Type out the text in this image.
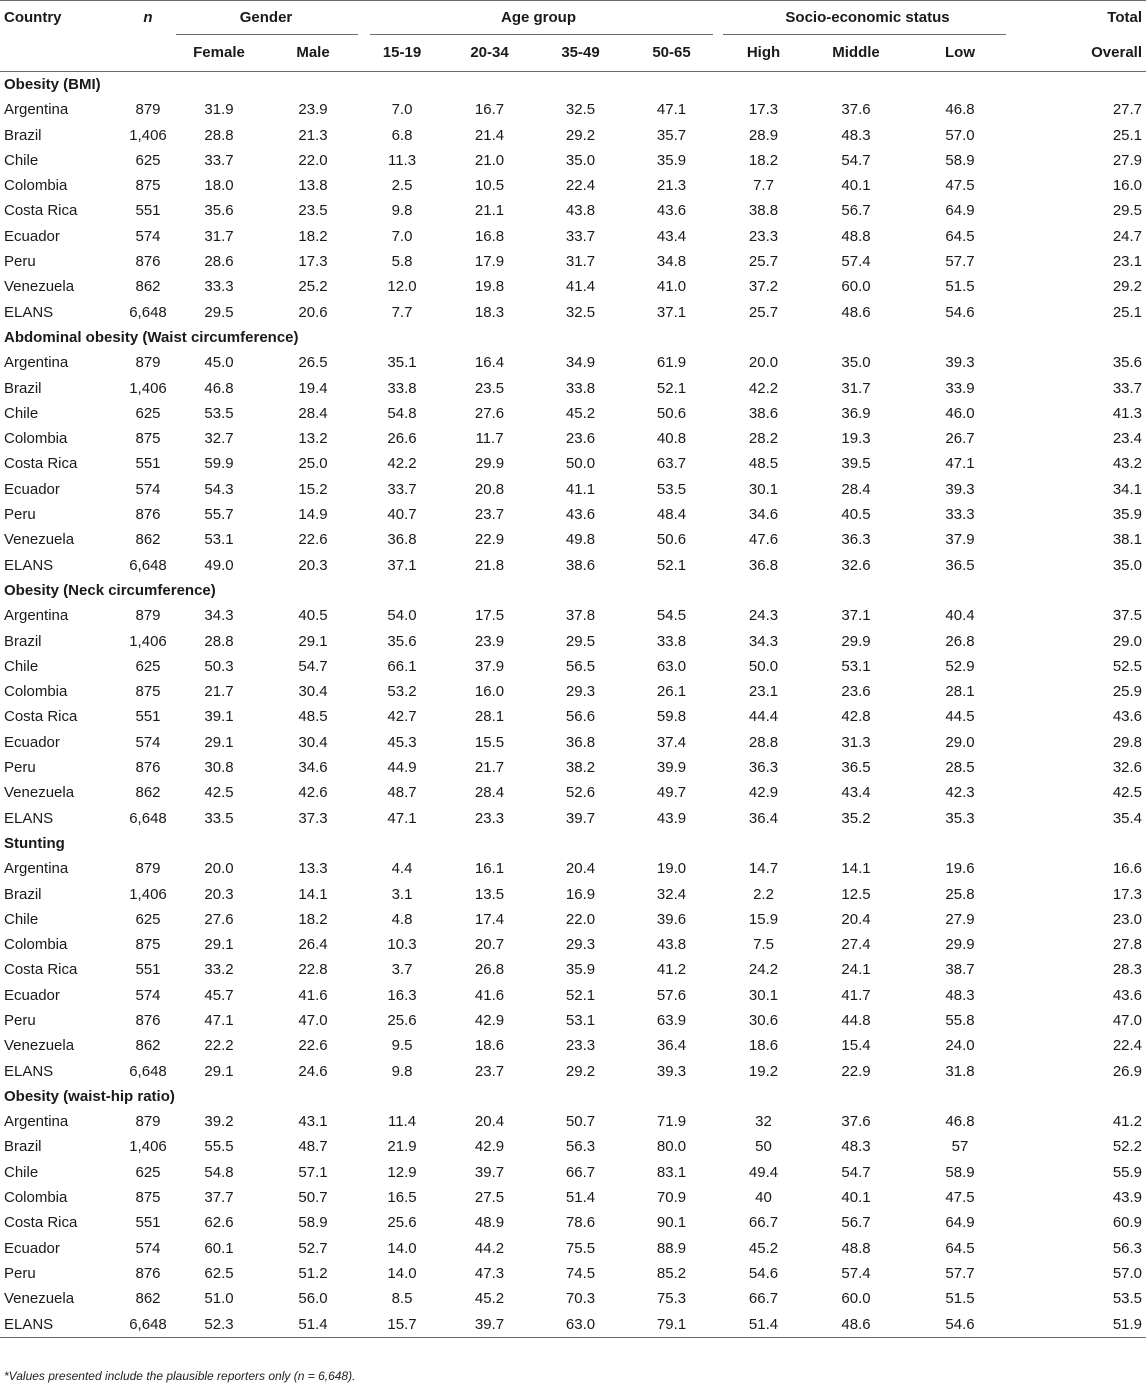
Country	n	Gender		Age group				Socio-economic status			Total
		Female	Male	15-19	20-34	35-49	50-65	High	Middle	Low	Overall
Obesity (BMI)											
Argentina	879	31.9	23.9	7.0	16.7	32.5	47.1	17.3	37.6	46.8	27.7
Brazil	1,406	28.8	21.3	6.8	21.4	29.2	35.7	28.9	48.3	57.0	25.1
Chile	625	33.7	22.0	11.3	21.0	35.0	35.9	18.2	54.7	58.9	27.9
Colombia	875	18.0	13.8	2.5	10.5	22.4	21.3	7.7	40.1	47.5	16.0
Costa Rica	551	35.6	23.5	9.8	21.1	43.8	43.6	38.8	56.7	64.9	29.5
Ecuador	574	31.7	18.2	7.0	16.8	33.7	43.4	23.3	48.8	64.5	24.7
Peru	876	28.6	17.3	5.8	17.9	31.7	34.8	25.7	57.4	57.7	23.1
Venezuela	862	33.3	25.2	12.0	19.8	41.4	41.0	37.2	60.0	51.5	29.2
ELANS	6,648	29.5	20.6	7.7	18.3	32.5	37.1	25.7	48.6	54.6	25.1
Abdominal obesity (Waist circumference)											
Argentina	879	45.0	26.5	35.1	16.4	34.9	61.9	20.0	35.0	39.3	35.6
Brazil	1,406	46.8	19.4	33.8	23.5	33.8	52.1	42.2	31.7	33.9	33.7
Chile	625	53.5	28.4	54.8	27.6	45.2	50.6	38.6	36.9	46.0	41.3
Colombia	875	32.7	13.2	26.6	11.7	23.6	40.8	28.2	19.3	26.7	23.4
Costa Rica	551	59.9	25.0	42.2	29.9	50.0	63.7	48.5	39.5	47.1	43.2
Ecuador	574	54.3	15.2	33.7	20.8	41.1	53.5	30.1	28.4	39.3	34.1
Peru	876	55.7	14.9	40.7	23.7	43.6	48.4	34.6	40.5	33.3	35.9
Venezuela	862	53.1	22.6	36.8	22.9	49.8	50.6	47.6	36.3	37.9	38.1
ELANS	6,648	49.0	20.3	37.1	21.8	38.6	52.1	36.8	32.6	36.5	35.0
Obesity (Neck circumference)											
Argentina	879	34.3	40.5	54.0	17.5	37.8	54.5	24.3	37.1	40.4	37.5
Brazil	1,406	28.8	29.1	35.6	23.9	29.5	33.8	34.3	29.9	26.8	29.0
Chile	625	50.3	54.7	66.1	37.9	56.5	63.0	50.0	53.1	52.9	52.5
Colombia	875	21.7	30.4	53.2	16.0	29.3	26.1	23.1	23.6	28.1	25.9
Costa Rica	551	39.1	48.5	42.7	28.1	56.6	59.8	44.4	42.8	44.5	43.6
Ecuador	574	29.1	30.4	45.3	15.5	36.8	37.4	28.8	31.3	29.0	29.8
Peru	876	30.8	34.6	44.9	21.7	38.2	39.9	36.3	36.5	28.5	32.6
Venezuela	862	42.5	42.6	48.7	28.4	52.6	49.7	42.9	43.4	42.3	42.5
ELANS	6,648	33.5	37.3	47.1	23.3	39.7	43.9	36.4	35.2	35.3	35.4
Stunting											
Argentina	879	20.0	13.3	4.4	16.1	20.4	19.0	14.7	14.1	19.6	16.6
Brazil	1,406	20.3	14.1	3.1	13.5	16.9	32.4	2.2	12.5	25.8	17.3
Chile	625	27.6	18.2	4.8	17.4	22.0	39.6	15.9	20.4	27.9	23.0
Colombia	875	29.1	26.4	10.3	20.7	29.3	43.8	7.5	27.4	29.9	27.8
Costa Rica	551	33.2	22.8	3.7	26.8	35.9	41.2	24.2	24.1	38.7	28.3
Ecuador	574	45.7	41.6	16.3	41.6	52.1	57.6	30.1	41.7	48.3	43.6
Peru	876	47.1	47.0	25.6	42.9	53.1	63.9	30.6	44.8	55.8	47.0
Venezuela	862	22.2	22.6	9.5	18.6	23.3	36.4	18.6	15.4	24.0	22.4
ELANS	6,648	29.1	24.6	9.8	23.7	29.2	39.3	19.2	22.9	31.8	26.9
Obesity (waist-hip ratio)											
Argentina	879	39.2	43.1	11.4	20.4	50.7	71.9	32	37.6	46.8	41.2
Brazil	1,406	55.5	48.7	21.9	42.9	56.3	80.0	50	48.3	57	52.2
Chile	625	54.8	57.1	12.9	39.7	66.7	83.1	49.4	54.7	58.9	55.9
Colombia	875	37.7	50.7	16.5	27.5	51.4	70.9	40	40.1	47.5	43.9
Costa Rica	551	62.6	58.9	25.6	48.9	78.6	90.1	66.7	56.7	64.9	60.9
Ecuador	574	60.1	52.7	14.0	44.2	75.5	88.9	45.2	48.8	64.5	56.3
Peru	876	62.5	51.2	14.0	47.3	74.5	85.2	54.6	57.4	57.7	57.0
Venezuela	862	51.0	56.0	8.5	45.2	70.3	75.3	66.7	60.0	51.5	53.5
ELANS	6,648	52.3	51.4	15.7	39.7	63.0	79.1	51.4	48.6	54.6	51.9
*Values presented include the plausible reporters only (n = 6,648).
